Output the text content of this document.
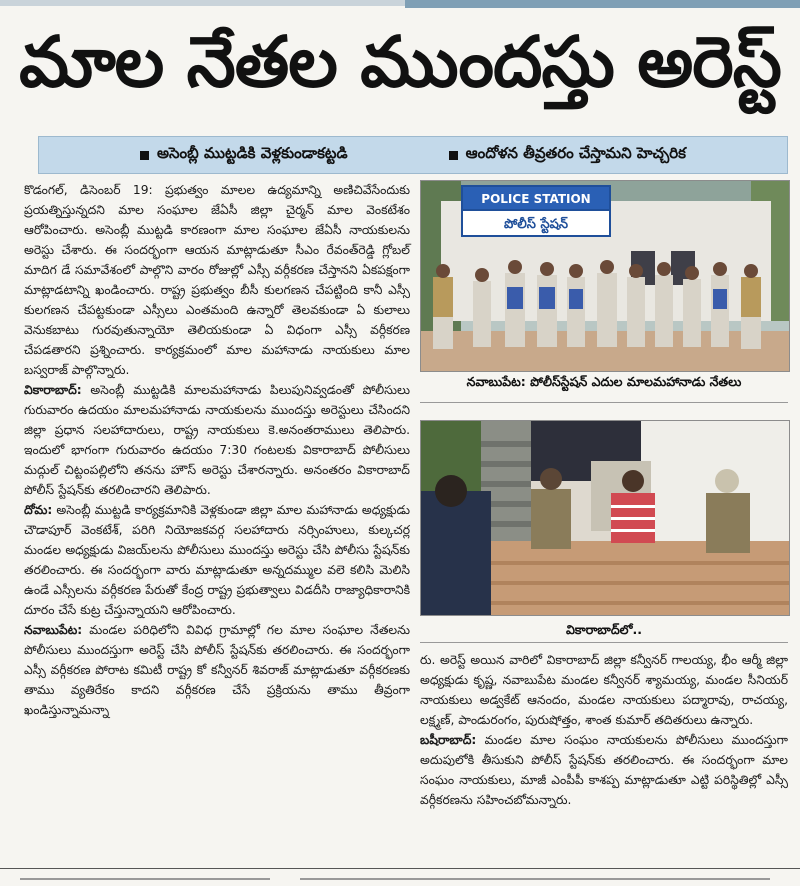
మాల నేతల ముందస్తు అరెస్ట్
అసెంబ్లీ ముట్టడికి వెళ్లకుండాకట్టడి	ఆందోళన తీవ్రతరం చేస్తామని హెచ్చరిక

కొడంగల్, డిసెంబర్ 19: ప్రభుత్వం మాలల ఉద్యమాన్ని అణిచివేసేందుకు ప్రయత్నిస్తున్నదని మాల సంఘాల జేఏసీ జిల్లా చైర్మన్ మాల వెంకటేశం ఆరోపించారు. అసెంబ్లీ ముట్టడి కారణంగా మాల సంఘాల జేఏసీ నాయకులను అరెస్టు చేశారు. ఈ సందర్భంగా ఆయన మాట్లాడుతూ సీఎం రేవంత్‌రెడ్డి గ్లోబల్ మాదిగ డే సమావేశంలో పాల్గొని వారం రోజుల్లో ఎస్సీ వర్గీకరణ చేస్తానని ఏకపక్షంగా మాట్లాడటాన్ని ఖండించారు. రాష్ట్ర ప్రభుత్వం బీసీ కులగణన చేపట్టింది కానీ ఎస్సీ కులగణన చేపట్టకుండా ఎస్సీలు ఎంతమంది ఉన్నారో తెలవకుండా ఏ కులాలు వెనుకబాటు గురవుతున్నాయో తెలియకుండా ఏ విధంగా ఎస్సీ వర్గీకరణ చేపడతారని ప్రశ్నించారు. కార్యక్రమంలో మాల మహానాడు నాయకులు మాల బస్వరాజ్ పాల్గొన్నారు.

వికారాబాద్: అసెంబ్లీ ముట్టడికి మాలమహానాడు పిలుపునివ్వడంతో పోలీసులు గురువారం ఉదయం మాలమహానాడు నాయకులను ముందస్తు అరెస్టులు చేసిందని జిల్లా ప్రధాన సలహాదారులు, రాష్ట్ర నాయకులు కె.అనంతరాములు తెలిపారు. ఇందులో భాగంగా గురువారం ఉదయం 7:30 గంటలకు వికారాబాద్ పోలీసులు మద్గుల్ చిట్టంపల్లిలోని తనను హౌస్ అరెస్టు చేశారన్నారు. అనంతరం వికారాబాద్ పోలీస్ స్టేషన్‌కు తరలించారని తెలిపారు.

దోమ: అసెంబ్లీ ముట్టడి కార్యక్రమానికి వెళ్లకుండా జిల్లా మాల మహానాడు అధ్యక్షుడు చౌడాపూర్ వెంకటేశ్, పరిగి నియోజకవర్గ సలహాదారు నర్సింహులు, కుల్కచర్ల మండల అధ్యక్షుడు విజయ్‌లను పోలీసులు ముందస్తు అరెస్టు చేసి పోలీసు స్టేషన్‌కు తరలించారు. ఈ సందర్భంగా వారు మాట్లాడుతూ అన్నదమ్ముల వలె కలిసి మెలిసి ఉండే ఎస్సీలను వర్గీకరణ పేరుతో కేంద్ర రాష్ట్ర ప్రభుత్వాలు విడదీసి రాజ్యాధికారానికి దూరం చేసే కుట్ర చేస్తున్నాయని ఆరోపించారు.

నవాబుపేట: మండల పరిధిలోని వివిధ గ్రామాల్లో గల మాల సంఘాల నేతలను పోలీసులు ముందస్తుగా అరెస్ట్ చేసి పోలీస్ స్టేషన్‌కు తరలించారు. ఈ సందర్భంగా ఎస్సీ వర్గీకరణ పోరాట కమిటీ రాష్ట్ర కో కన్వీనర్ శివరాజ్ మాట్లాడుతూ వర్గీకరణకు తాము వ్యతిరేకం కాదని వర్గీకరణ చేసే ప్రక్రియను తాము తీవ్రంగా ఖండిస్తున్నామన్నా

POLICE STATION
పోలీస్ స్టేషన్
నవాబుపేట: పోలీస్‌స్టేషన్ ఎదుల మాలమహానాడు నేతలు
వికారాబాద్‌లో..

రు. అరెస్ట్ అయిన వారిలో వికారాబాద్ జిల్లా కన్వీనర్ గాలయ్య, భీం ఆర్మీ జిల్లా అధ్యక్షుడు కృష్ణ, నవాబుపేట మండల కన్వీనర్ శ్యామయ్య, మండల సీనియర్ నాయకులు అడ్వకేట్ ఆనందం, మండల నాయకులు పద్మారావు, రాచయ్య, లక్ష్మణ్, పాండురంగం, పురుషోత్తం, శాంత కుమార్ తదితరులు ఉన్నారు.

బషీరాబాద్: మండల మాల సంఘం నాయకులను పోలీసులు ముందస్తుగా అదుపులోకి తీసుకుని పోలీస్ స్టేషన్‌కు తరలించారు. ఈ సందర్భంగా మాల సంఘం నాయకులు, మాజీ ఎంపీపీ కాశప్ప మాట్లాడుతూ ఎట్టి పరిస్థితిల్లో ఎస్సీ వర్గీకరణను సహించబోమన్నారు.
